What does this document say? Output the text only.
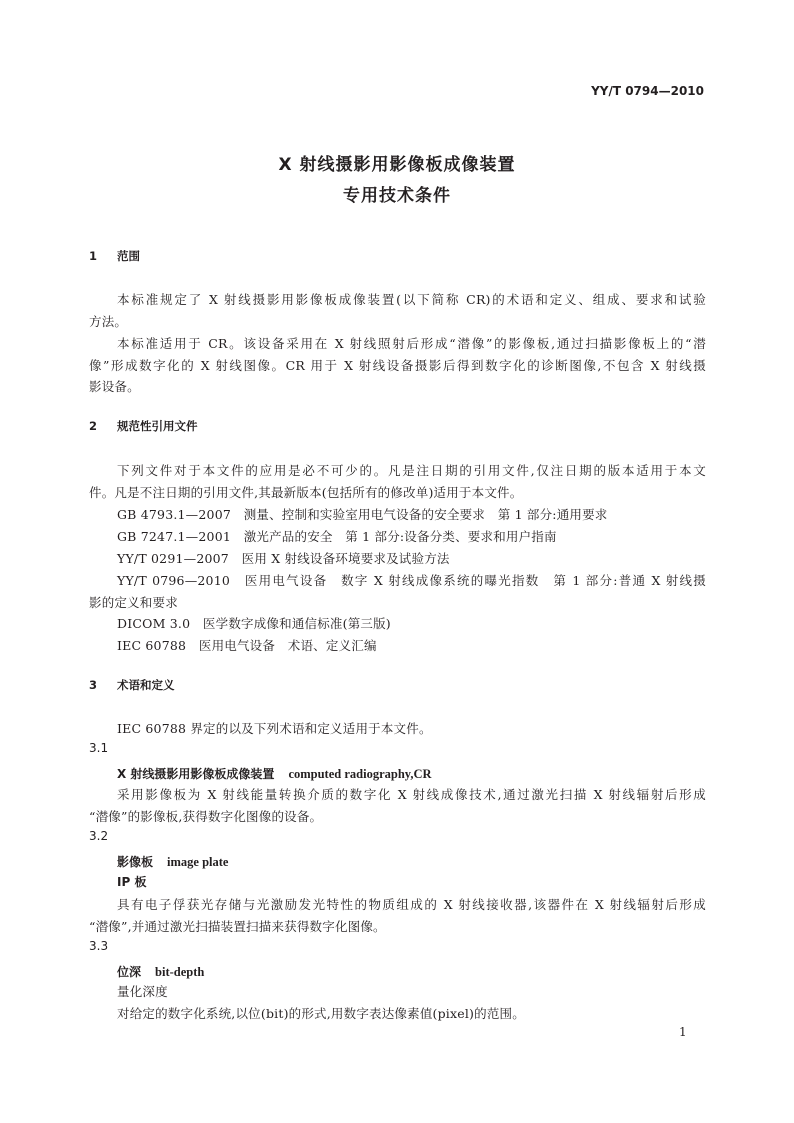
YY/T 0794—2010
X 射线摄影用影像板成像装置
专用技术条件
1 范围
本标准规定了 X 射线摄影用影像板成像装置(以下简称 CR)的术语和定义、组成、要求和试验
方法。
本标准适用于 CR。该设备采用在 X 射线照射后形成“潜像”的影像板,通过扫描影像板上的“潜
像”形成数字化的 X 射线图像。CR 用于 X 射线设备摄影后得到数字化的诊断图像,不包含 X 射线摄
影设备。
2 规范性引用文件
下列文件对于本文件的应用是必不可少的。凡是注日期的引用文件,仅注日期的版本适用于本文
件。凡是不注日期的引用文件,其最新版本(包括所有的修改单)适用于本文件。
GB 4793.1—2007　测量、控制和实验室用电气设备的安全要求　第 1 部分:通用要求
GB 7247.1—2001　激光产品的安全　第 1 部分:设备分类、要求和用户指南
YY/T 0291—2007　医用 X 射线设备环境要求及试验方法
YY/T 0796—2010　医用电气设备　数字 X 射线成像系统的曝光指数　第 1 部分:普通 X 射线摄
影的定义和要求
DICOM 3.0　医学数字成像和通信标准(第三版)
IEC 60788　医用电气设备　术语、定义汇编
3 术语和定义
IEC 60788 界定的以及下列术语和定义适用于本文件。
3.1
X 射线摄影用影像板成像装置 computed radiography,CR
采用影像板为 X 射线能量转换介质的数字化 X 射线成像技术,通过激光扫描 X 射线辐射后形成
“潜像”的影像板,获得数字化图像的设备。
3.2
影像板 image plate
IP 板
具有电子俘获光存储与光激励发光特性的物质组成的 X 射线接收器,该器件在 X 射线辐射后形成
“潜像”,并通过激光扫描装置扫描来获得数字化图像。
3.3
位深 bit-depth
量化深度
对给定的数字化系统,以位(bit)的形式,用数字表达像素值(pixel)的范围。
1
